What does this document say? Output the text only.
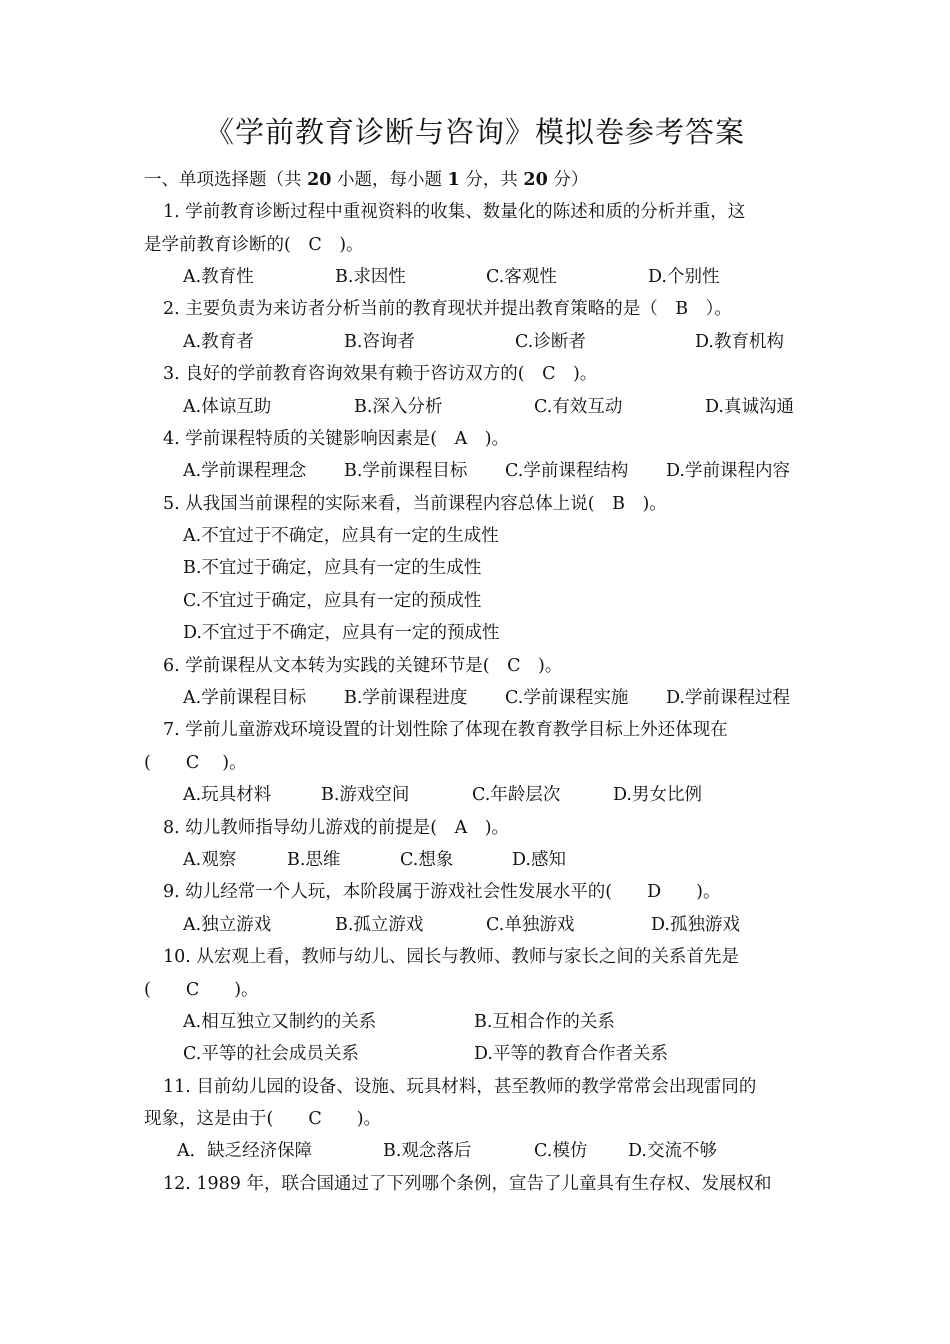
《学前教育诊断与咨询》模拟卷参考答案
一、单项选择题（共 20 小题，每小题 1 分，共 20 分）
1. 学前教育诊断过程中重视资料的收集、数量化的陈述和质的分析并重，这
是学前教育诊断的(　C　)。
A.教育性	B.求因性	C.客观性	D.个别性
2. 主要负责为来访者分析当前的教育现状并提出教育策略的是（　B　）。
A.教育者	B.咨询者	C.诊断者	D.教育机构
3. 良好的学前教育咨询效果有赖于咨访双方的(　C　)。
A.体谅互助	B.深入分析	C.有效互动	D.真诚沟通
4. 学前课程特质的关键影响因素是(　A　)。
A.学前课程理念 B.学前课程目标 C.学前课程结构 D.学前课程内容
5. 从我国当前课程的实际来看，当前课程内容总体上说(　B　)。
A.不宜过于不确定，应具有一定的生成性
B.不宜过于确定，应具有一定的生成性
C.不宜过于确定，应具有一定的预成性
D.不宜过于不确定，应具有一定的预成性
6. 学前课程从文本转为实践的关键环节是(　C　)。
A.学前课程目标 B.学前课程进度 C.学前课程实施 D.学前课程过程
7. 学前儿童游戏环境设置的计划性除了体现在教育教学目标上外还体现在
(　　C　 )。
A.玩具材料	B.游戏空间	C.年龄层次	D.男女比例
8. 幼儿教师指导幼儿游戏的前提是(　A　)。
A.观察	B.思维	C.想象	D.感知
9. 幼儿经常一个人玩，本阶段属于游戏社会性发展水平的(　　D　　)。
A.独立游戏	B.孤立游戏	C.单独游戏	D.孤独游戏
10. 从宏观上看，教师与幼儿、园长与教师、教师与家长之间的关系首先是
(　　C　　)。
A.相互独立又制约的关系	B.互相合作的关系
C.平等的社会成员关系	D.平等的教育合作者关系
11. 目前幼儿园的设备、设施、玩具材料，甚至教师的教学常常会出现雷同的
现象，这是由于(　　C　　)。
A．缺乏经济保障	B.观念落后	C.模仿 D.交流不够
12. 1989 年，联合国通过了下列哪个条例，宣告了儿童具有生存权、发展权和
